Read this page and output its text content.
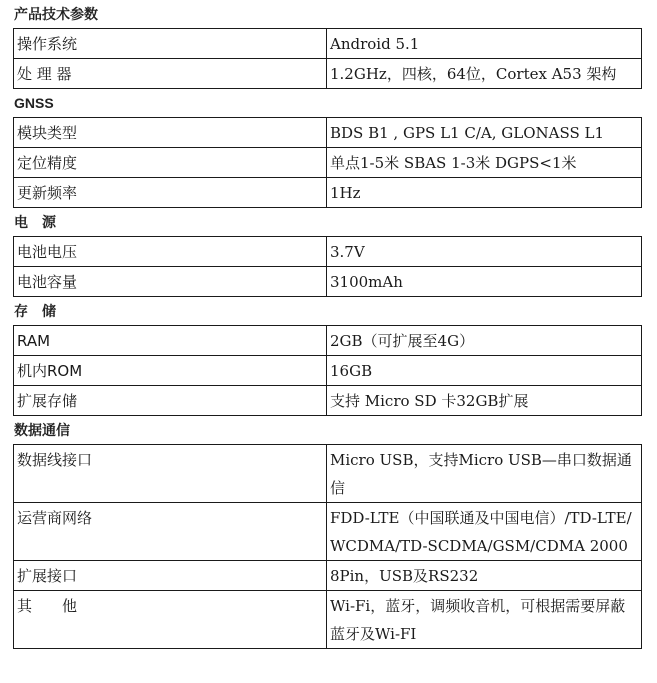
产品技术参数
操作系统	Android 5.1
处 理 器	1.2GHz，四核，64位，Cortex A53 架构
GNSS
模块类型	BDS B1 , GPS L1 C/A, GLONASS L1
定位精度	单点1-5米 SBAS 1-3米 DGPS<1米
更新频率	1Hz
电　源
电池电压	3.7V
电池容量	3100mAh
存　储
RAM	2GB（可扩展至4G）
机内ROM	16GB
扩展存储	支持 Micro SD 卡32GB扩展
数据通信
数据线接口	Micro USB，支持Micro USB—串口数据通信
运营商网络	FDD-LTE（中国联通及中国电信）/TD-LTE/WCDMA/TD-SCDMA/GSM/CDMA 2000
扩展接口	8Pin，USB及RS232
其　　他	Wi-Fi，蓝牙，调频收音机，可根据需要屏蔽蓝牙及Wi-FI
